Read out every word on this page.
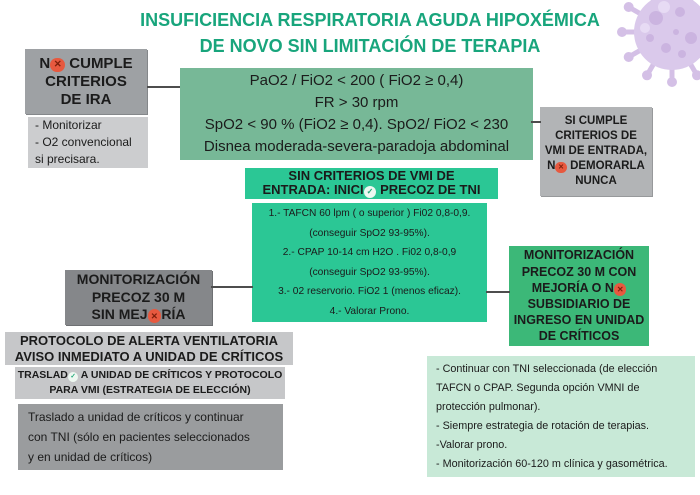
INSUFICIENCIA RESPIRATORIA AGUDA HIPOXÉMICA
DE NOVO SIN LIMITACIÓN DE TERAPIA
N ✕ CUMPLE
CRITERIOS
DE IRA
- Monitorizar
- O2 convencional
si precisara.
PaO2 / FiO2 < 200 ( FiO2 ≥ 0,4)
FR > 30 rpm
SpO2 < 90 % (FiO2 ≥ 0,4). SpO2/ FiO2 < 230
Disnea moderada-severa-paradoja abdominal
SI CUMPLE
CRITERIOS DE
VMI DE ENTRADA,
N ✕ DEMORARLA
NUNCA
SIN CRITERIOS DE VMI DE
ENTRADA: INICI ✓ PRECOZ DE TNI
1.- TAFCN 60 lpm ( o superior ) Fi02 0,8-0,9.
(conseguir SpO2 93-95%).
2.- CPAP 10-14 cm H2O . Fi02 0,8-0,9
(conseguir SpO2 93-95%).
3.- 02 reservorio. FiO2 1 (menos eficaz).
4.- Valorar Prono.
MONITORIZACIÓN
PRECOZ 30 M
SIN MEJ ✕ RÍA
MONITORIZACIÓN
PRECOZ 30 M CON
MEJORÍA O N ✕
SUBSIDIARIO DE
INGRESO EN UNIDAD
DE CRÍTICOS
PROTOCOLO DE ALERTA VENTILATORIA
AVISO INMEDIATO A UNIDAD DE CRÍTICOS
TRASLAD ✓ A UNIDAD DE CRÍTICOS Y PROTOCOLO
PARA VMI (ESTRATEGIA DE ELECCIÓN)
Traslado a unidad de críticos y continuar
con TNI (sólo en pacientes seleccionados
y en unidad de críticos)
- Continuar con TNI seleccionada (de elección
TAFCN o CPAP. Segunda opción VMNI de
protección pulmonar).
- Siempre estrategia de rotación de terapias.
-Valorar prono.
- Monitorización 60-120 m clínica y gasométrica.
